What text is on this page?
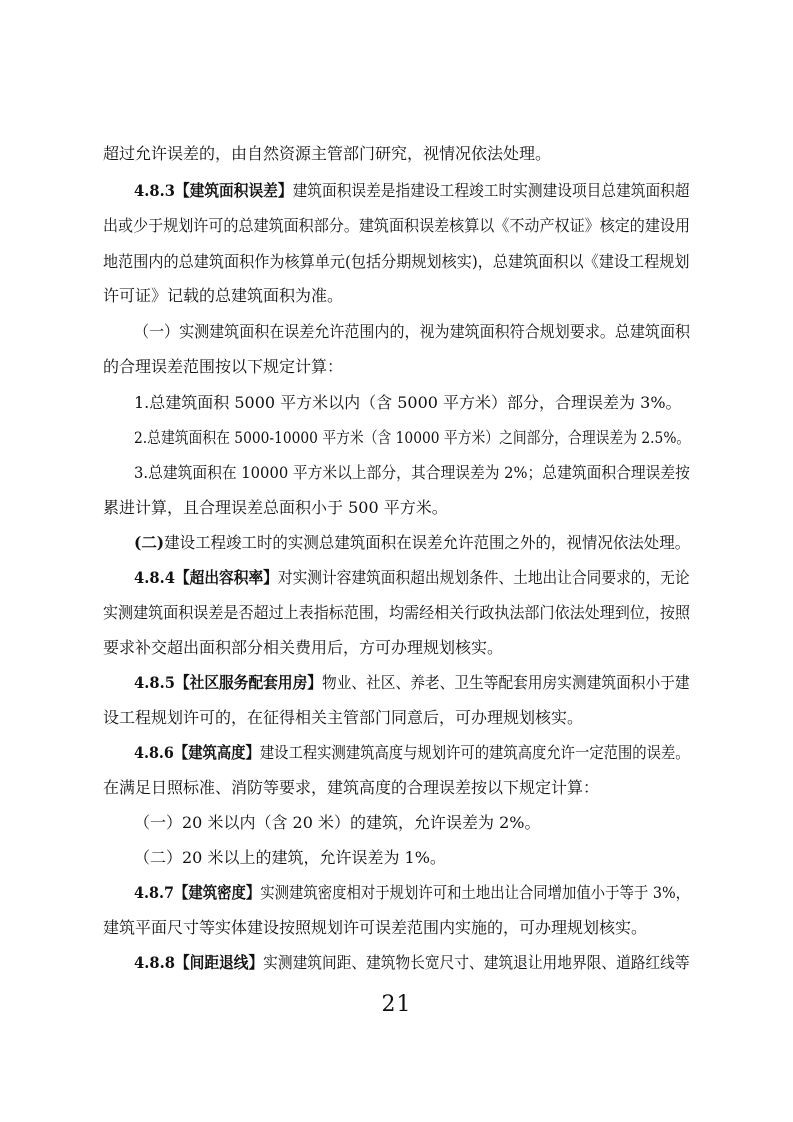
超过允许误差的，由自然资源主管部门研究，视情况依法处理。
4.8.3【建筑面积误差】建筑面积误差是指建设工程竣工时实测建设项目总建筑面积超
出或少于规划许可的总建筑面积部分。建筑面积误差核算以《不动产权证》核定的建设用
地范围内的总建筑面积作为核算单元(包括分期规划核实)，总建筑面积以《建设工程规划
许可证》记载的总建筑面积为准。
（一）实测建筑面积在误差允许范围内的，视为建筑面积符合规划要求。总建筑面积
的合理误差范围按以下规定计算：
1.总建筑面积 5000 平方米以内（含 5000 平方米）部分，合理误差为 3%。
2.总建筑面积在 5000-10000 平方米（含 10000 平方米）之间部分，合理误差为 2.5%。
3.总建筑面积在 10000 平方米以上部分，其合理误差为 2%；总建筑面积合理误差按
累进计算，且合理误差总面积小于 500 平方米。
(二)建设工程竣工时的实测总建筑面积在误差允许范围之外的，视情况依法处理。
4.8.4【超出容积率】对实测计容建筑面积超出规划条件、土地出让合同要求的，无论
实测建筑面积误差是否超过上表指标范围，均需经相关行政执法部门依法处理到位，按照
要求补交超出面积部分相关费用后，方可办理规划核实。
4.8.5【社区服务配套用房】物业、社区、养老、卫生等配套用房实测建筑面积小于建
设工程规划许可的，在征得相关主管部门同意后，可办理规划核实。
4.8.6【建筑高度】建设工程实测建筑高度与规划许可的建筑高度允许一定范围的误差。
在满足日照标准、消防等要求，建筑高度的合理误差按以下规定计算：
（一）20 米以内（含 20 米）的建筑，允许误差为 2%。
（二）20 米以上的建筑，允许误差为 1%。
4.8.7【建筑密度】实测建筑密度相对于规划许可和土地出让合同增加值小于等于 3%，
建筑平面尺寸等实体建设按照规划许可误差范围内实施的，可办理规划核实。
4.8.8【间距退线】实测建筑间距、建筑物长宽尺寸、建筑退让用地界限、道路红线等
21
